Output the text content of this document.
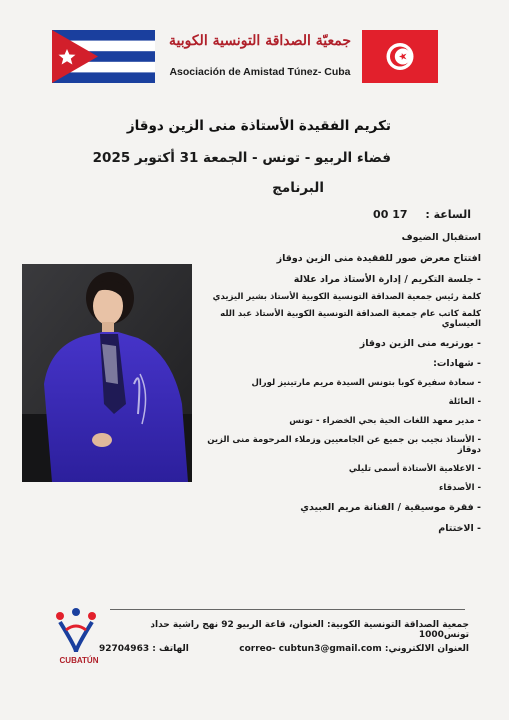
جمعيّة الصداقة التونسية الكوبية
Asociación de Amistad Túnez- Cuba
تكريم الفقيدة الأستاذة منى الزين دوقاز
فضاء الربيو - تونس - الجمعة 31 أكتوبر 2025
البرنامج
الساعة : 17 00

استقبال الضيوف

افتتاح معرض صور للفقيدة منى الزين دوقاز

- جلسة التكريم / إدارة الأستاذ مراد علالة

كلمة رئيس جمعية الصداقة التونسية الكوبية الأستاذ بشير اليزيدي

كلمة كاتب عام جمعية الصداقة التونسية الكوبية الأستاذ عبد الله العيساوي

- بورتريه منى الزين دوقاز

- شهادات:

- سعادة سفيرة كوبا بتونس السيدة مريم مارتينيز لورال

- العائلة

- مدير معهد اللغات الحية بحي الخضراء - تونس

- الأستاذ نجيب بن جميع عن الجامعيين وزملاء المرحومة منى الزين دوقاز

- الاعلامية الأستاذة أسمى تليلي

- الأصدقاء

- فقرة موسيقية / الفنانة مريم العبيدي

- الاختتام

CUBATÚN
جمعية الصداقة التونسية الكوبية: العنوان، قاعة الربيو 92 نهج راشية حداد تونس1000
العنوان الالكتروني: correo- cubtun3@gmail.com
الهاتف : 92704963
